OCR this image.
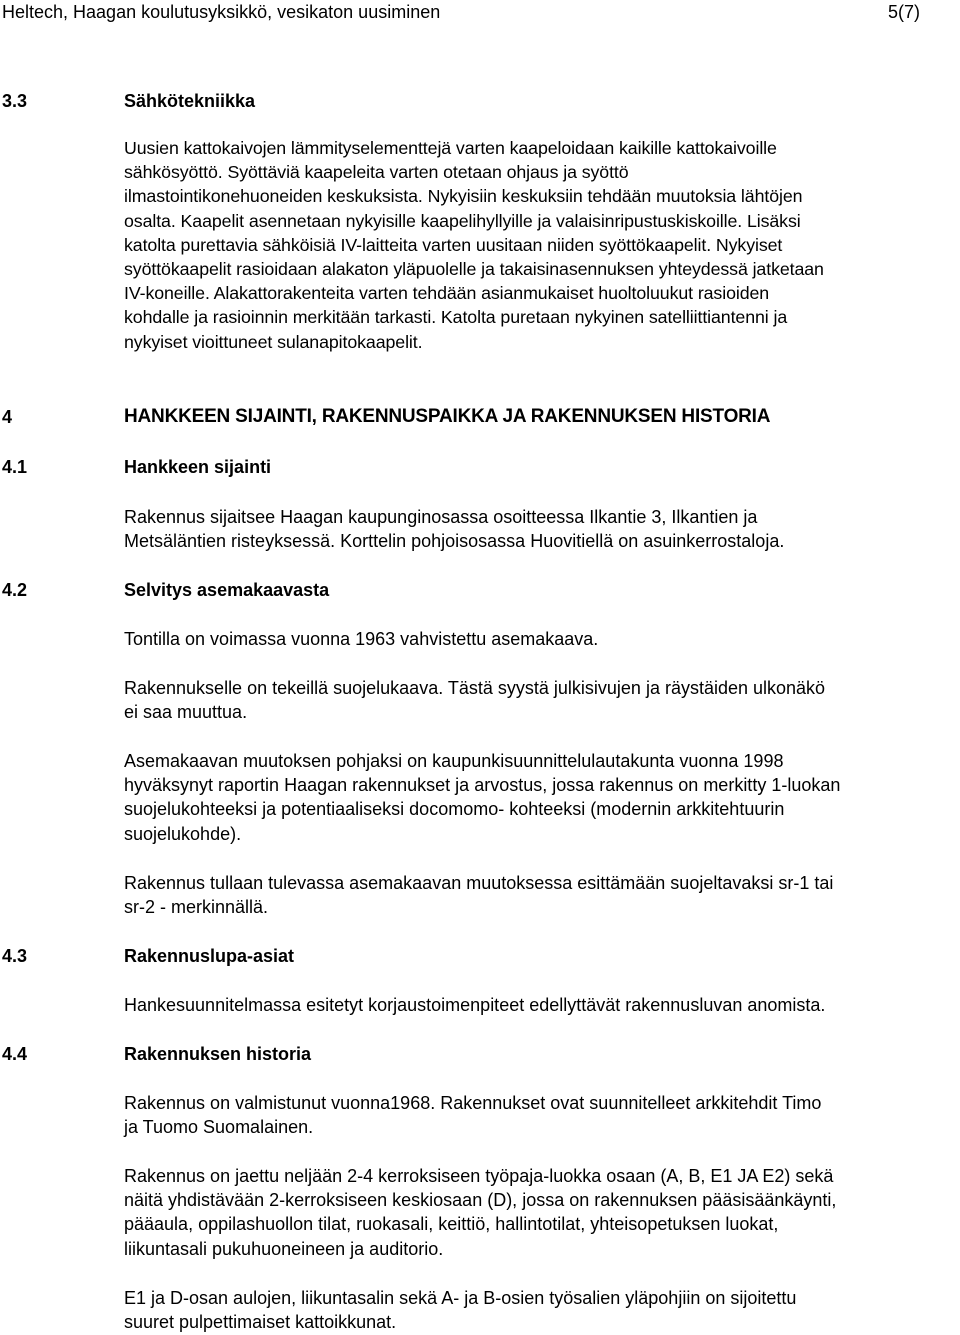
Heltech, Haagan koulutusyksikkö, vesikaton uusiminen	5(7)
3.3	Sähkötekniikka
Uusien kattokaivojen lämmityselementtejä varten kaapeloidaan kaikille kattokaivoille
sähkösyöttö. Syöttäviä kaapeleita varten otetaan ohjaus ja syöttö
ilmastointikonehuoneiden keskuksista. Nykyisiin keskuksiin tehdään muutoksia lähtöjen
osalta. Kaapelit asennetaan nykyisille kaapelihyllyille ja valaisinripustuskiskoille. Lisäksi
katolta purettavia sähköisiä IV-laitteita varten uusitaan niiden syöttökaapelit. Nykyiset
syöttökaapelit rasioidaan alakaton yläpuolelle ja takaisinasennuksen yhteydessä jatketaan
IV-koneille. Alakattorakenteita varten tehdään asianmukaiset huoltoluukut rasioiden
kohdalle ja rasioinnin merkitään tarkasti. Katolta puretaan nykyinen satelliittiantenni ja
nykyiset vioittuneet sulanapitokaapelit.
4	HANKKEEN SIJAINTI, RAKENNUSPAIKKA JA RAKENNUKSEN HISTORIA
4.1	Hankkeen sijainti
Rakennus sijaitsee Haagan kaupunginosassa osoitteessa Ilkantie 3, Ilkantien ja
Metsäläntien risteyksessä. Korttelin pohjoisosassa Huovitiellä on asuinkerrostaloja.
4.2	Selvitys asemakaavasta
Tontilla on voimassa vuonna 1963 vahvistettu asemakaava.
Rakennukselle on tekeillä suojelukaava. Tästä syystä julkisivujen ja räystäiden ulkonäkö
ei saa muuttua.
Asemakaavan muutoksen pohjaksi on kaupunkisuunnittelulautakunta vuonna 1998
hyväksynyt raportin Haagan rakennukset ja arvostus, jossa rakennus on merkitty 1-luokan
suojelukohteeksi ja potentiaaliseksi docomomo- kohteeksi (modernin arkkitehtuurin
suojelukohde).
Rakennus tullaan tulevassa asemakaavan muutoksessa esittämään suojeltavaksi sr-1 tai
sr-2 - merkinnällä.
4.3	Rakennuslupa-asiat
Hankesuunnitelmassa esitetyt korjaustoimenpiteet edellyttävät rakennusluvan anomista.
4.4	Rakennuksen historia
Rakennus on valmistunut vuonna1968. Rakennukset ovat suunnitelleet arkkitehdit Timo
ja Tuomo Suomalainen.
Rakennus on jaettu neljään 2-4 kerroksiseen työpaja-luokka osaan (A, B, E1 JA E2) sekä
näitä yhdistävään 2-kerroksiseen keskiosaan (D), jossa on rakennuksen pääsisäänkäynti,
pääaula, oppilashuollon tilat, ruokasali, keittiö, hallintotilat, yhteisopetuksen luokat,
liikuntasali pukuhuoneineen ja auditorio.
E1 ja D-osan aulojen, liikuntasalin sekä A- ja B-osien työsalien yläpohjiin on sijoitettu
suuret pulpettimaiset kattoikkunat.
